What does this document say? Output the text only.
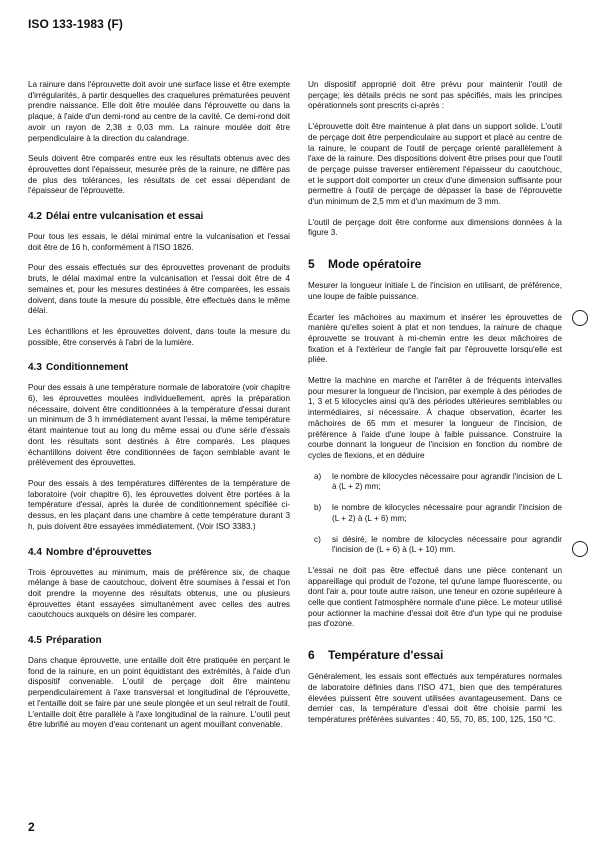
ISO 133-1983 (F)

La rainure dans l'éprouvette doit avoir une surface lisse et être exempte d'irrégularités, à partir desquelles des craquelures prématurées peuvent prendre naissance. Elle doit être moulée dans l'éprouvette ou dans la plaque, à l'aide d'un demi-rond au centre de la cavité. Ce demi-rond doit avoir un rayon de 2,38 ± 0,03 mm. La rainure moulée doit être perpendiculaire à la direction du calandrage.

Seuls doivent être comparés entre eux les résultats obtenus avec des éprouvettes dont l'épaisseur, mesurée près de la rainure, ne diffère pas de plus des tolérances, les résultats de cet essai dépendant de l'épaisseur de l'éprouvette.

4.2 Délai entre vulcanisation et essai

Pour tous les essais, le délai minimal entre la vulcanisation et l'essai doit être de 16 h, conformément à l'ISO 1826.

Pour des essais effectués sur des éprouvettes provenant de produits bruts, le délai maximal entre la vulcanisation et l'essai doit être de 4 semaines et, pour les mesures destinées à être comparées, les essais doivent, dans toute la mesure du possible, être effectués dans le même délai.

Les échantillons et les éprouvettes doivent, dans toute la mesure du possible, être conservés à l'abri de la lumière.

4.3 Conditionnement

Pour des essais à une température normale de laboratoire (voir chapitre 6), les éprouvettes moulées individuellement, après la préparation nécessaire, doivent être conditionnées à la température d'essai durant un minimum de 3 h immédiatement avant l'essai, la même température étant maintenue tout au long du même essai ou d'une série d'essais dont les résultats sont destinés à être comparés. Les plaques échantillons doivent être conditionnées de façon semblable avant le prélèvement des éprouvettes.

Pour des essais à des températures différentes de la température de laboratoire (voir chapitre 6), les éprouvettes doivent être portées à la température d'essai, après la durée de conditionnement spécifiée ci-dessus, en les plaçant dans une chambre à cette température durant 3 h, puis doivent être essayées immédiatement. (Voir ISO 3383.)

4.4 Nombre d'éprouvettes

Trois éprouvettes au minimum, mais de préférence six, de chaque mélange à base de caoutchouc, doivent être soumises à l'essai et l'on doit prendre la moyenne des résultats obtenus, une ou plusieurs éprouvettes étant essayées simultanément avec celles des autres caoutchoucs auxquels on désire les comparer.

4.5 Préparation

Dans chaque éprouvette, une entaille doit être pratiquée en perçant le fond de la rainure, en un point équidistant des extrémités, à l'aide d'un dispositif convenable. L'outil de perçage doit être maintenu perpendiculairement à l'axe transversal et longitudinal de l'éprouvette, et l'entaille doit se faire par une seule plongée et un seul retrait de l'outil. L'entaille doit être parallèle à l'axe longitudinal de la rainure. L'outil peut être lubrifié au moyen d'eau contenant un agent mouillant convenable.

Un dispositif approprié doit être prévu pour maintenir l'outil de perçage; les détails précis ne sont pas spécifiés, mais les principes opérationnels sont prescrits ci-après :

L'éprouvette doit être maintenue à plat dans un support solide. L'outil de perçage doit être perpendiculaire au support et placé au centre de la rainure, le coupant de l'outil de perçage orienté parallèlement à l'axe de la rainure. Des dispositions doivent être prises pour que l'outil de perçage puisse traverser entièrement l'épaisseur du caoutchouc, et le support doit comporter un creux d'une dimension suffisante pour permettre à l'outil de perçage de dépasser la base de l'éprouvette d'un minimum de 2,5 mm et d'un maximum de 3 mm.

L'outil de perçage doit être conforme aux dimensions données à la figure 3.

5 Mode opératoire

Mesurer la longueur initiale L de l'incision en utilisant, de préférence, une loupe de faible puissance.

Écarter les mâchoires au maximum et insérer les éprouvettes de manière qu'elles soient à plat et non tendues, la rainure de chaque éprouvette se trouvant à mi-chemin entre les deux mâchoires de fixation et à l'extérieur de l'angle fait par l'éprouvette lorsqu'elle est pliée.

Mettre la machine en marche et l'arrêter à de fréquents intervalles pour mesurer la longueur de l'incision, par exemple à des périodes de 1, 3 et 5 kilocycles ainsi qu'à des périodes ultérieures semblables ou intermédiaires, si nécessaire. À chaque observation, écarter les mâchoires de 65 mm et mesurer la longueur de l'incision, de préférence à l'aide d'une loupe à faible puissance. Construire la courbe donnant la longueur de l'incision en fonction du nombre de cycles de flexions, et en déduire

a)	le nombre de kilocycles nécessaire pour agrandir l'incision de L à (L + 2) mm;
b)	le nombre de kilocycles nécessaire pour agrandir l'incision de (L + 2) à (L + 6) mm;
c)	si désiré, le nombre de kilocycles nécessaire pour agrandir l'incision de (L + 6) à (L + 10) mm.

L'essai ne doit pas être effectué dans une pièce contenant un appareillage qui produit de l'ozone, tel qu'une lampe fluorescente, ou dont l'air a, pour toute autre raison, une teneur en ozone supérieure à celle que contient l'atmosphère normale d'une pièce. Le moteur utilisé pour actionner la machine d'essai doit être d'un type qui ne produise pas d'ozone.

6 Température d'essai

Généralement, les essais sont effectués aux températures normales de laboratoire définies dans l'ISO 471, bien que des températures élevées puissent être souvent utilisées avantageusement. Dans ce dernier cas, la température d'essai doit être choisie parmi les températures préférées suivantes : 40, 55, 70, 85, 100, 125, 150 °C.

2
